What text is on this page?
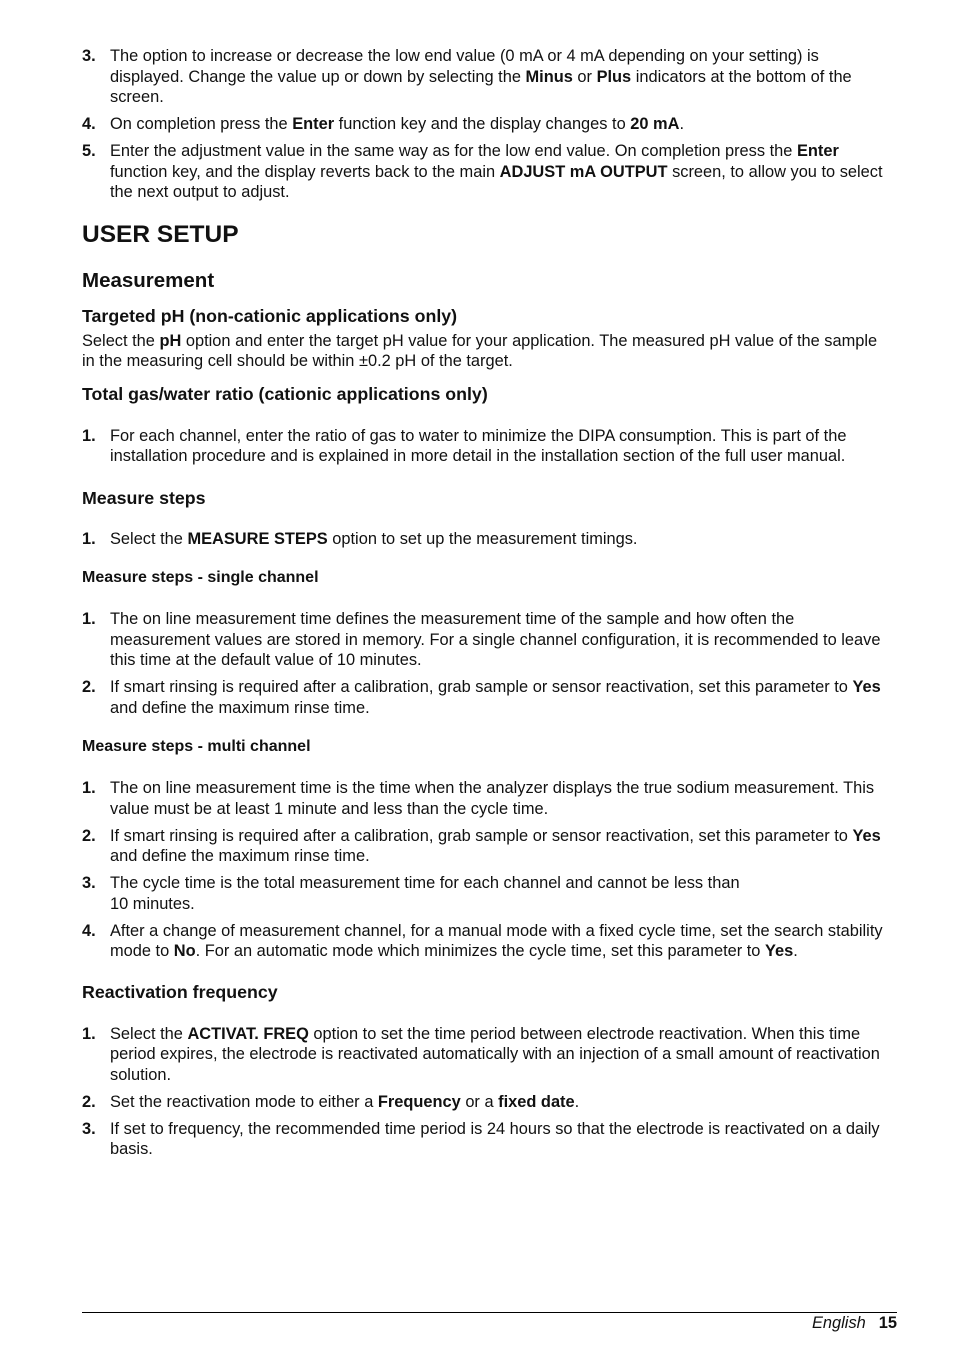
3. The option to increase or decrease the low end value (0 mA or 4 mA depending on your setting) is displayed. Change the value up or down by selecting the Minus or Plus indicators at the bottom of the screen.
4. On completion press the Enter function key and the display changes to 20 mA.
5. Enter the adjustment value in the same way as for the low end value. On completion press the Enter function key, and the display reverts back to the main ADJUST mA OUTPUT screen, to allow you to select the next output to adjust.
USER SETUP
Measurement
Targeted pH (non-cationic applications only)

Select the pH option and enter the target pH value for your application. The measured pH value of the sample in the measuring cell should be within ±0.2 pH of the target.

Total gas/water ratio (cationic applications only)
1. For each channel, enter the ratio of gas to water to minimize the DIPA consumption. This is part of the installation procedure and is explained in more detail in the installation section of the full user manual.
Measure steps
1. Select the MEASURE STEPS option to set up the measurement timings.
Measure steps - single channel
1. The on line measurement time defines the measurement time of the sample and how often the measurement values are stored in memory. For a single channel configuration, it is recommended to leave this time at the default value of 10 minutes.
2. If smart rinsing is required after a calibration, grab sample or sensor reactivation, set this parameter to Yes and define the maximum rinse time.
Measure steps - multi channel
1. The on line measurement time is the time when the analyzer displays the true sodium measurement. This value must be at least 1 minute and less than the cycle time.
2. If smart rinsing is required after a calibration, grab sample or sensor reactivation, set this parameter to Yes and define the maximum rinse time.
3. The cycle time is the total measurement time for each channel and cannot be less than
10 minutes.
4. After a change of measurement channel, for a manual mode with a fixed cycle time, set the search stability mode to No. For an automatic mode which minimizes the cycle time, set this parameter to Yes.
Reactivation frequency
1. Select the ACTIVAT. FREQ option to set the time period between electrode reactivation. When this time period expires, the electrode is reactivated automatically with an injection of a small amount of reactivation solution.
2. Set the reactivation mode to either a Frequency or a fixed date.
3. If set to frequency, the recommended time period is 24 hours so that the electrode is reactivated on a daily basis.
English 15
